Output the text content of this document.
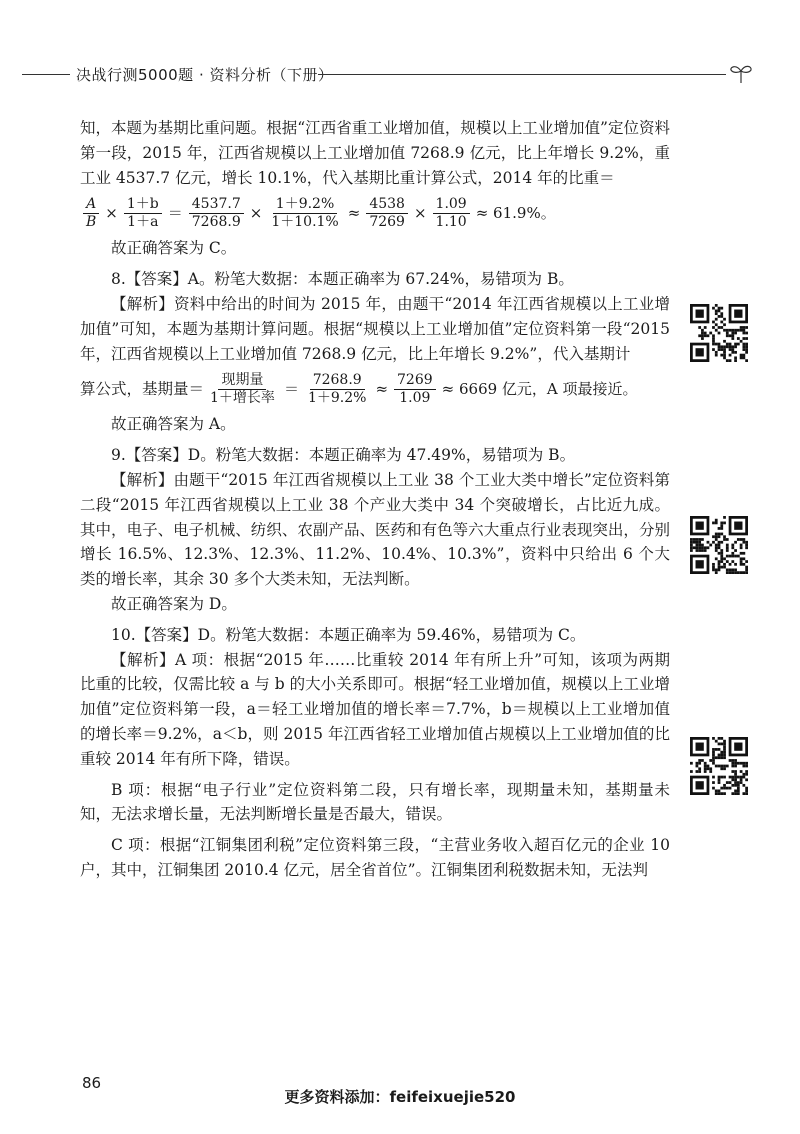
决战行测5000题 · 资料分析（下册）

知，本题为基期比重问题。根据“江西省重工业增加值，规模以上工业增加值”定位资料第一段，2015 年，江西省规模以上工业增加值 7268.9 亿元，比上年增长 9.2%，重工业 4537.7 亿元，增长 10.1%，代入基期比重计算公式，2014 年的比重＝

$\frac{A}{B} \times \frac{1+b}{1+a} = \frac{4537.7}{7268.9} \times \frac{1+9.2\%}{1+10.1\%} \approx \frac{4538}{7269} \times \frac{1.09}{1.10} \approx 61.9\%$。

故正确答案为 C。

8.【答案】A。粉笔大数据：本题正确率为 67.24%，易错项为 B。

【解析】资料中给出的时间为 2015 年，由题干“2014 年江西省规模以上工业增加值”可知，本题为基期计算问题。根据“规模以上工业增加值”定位资料第一段“2015 年，江西省规模以上工业增加值 7268.9 亿元，比上年增长 9.2%”，代入基期计

算公式，基期量＝ $\frac{\text{现期量}}{\text{1＋增长率}} = \frac{7268.9}{1+9.2\%} \approx \frac{7269}{1.09} \approx 6669$ 亿元，A 项最接近。

故正确答案为 A。

9.【答案】D。粉笔大数据：本题正确率为 47.49%，易错项为 B。

【解析】由题干“2015 年江西省规模以上工业 38 个工业大类中增长”定位资料第二段“2015 年江西省规模以上工业 38 个产业大类中 34 个突破增长，占比近九成。其中，电子、电子机械、纺织、农副产品、医药和有色等六大重点行业表现突出，分别增长 16.5%、12.3%、12.3%、11.2%、10.4%、10.3%”，资料中只给出 6 个大类的增长率，其余 30 多个大类未知，无法判断。

故正确答案为 D。

10.【答案】D。粉笔大数据：本题正确率为 59.46%，易错项为 C。

【解析】A 项：根据“2015 年……比重较 2014 年有所上升”可知，该项为两期比重的比较，仅需比较 a 与 b 的大小关系即可。根据“轻工业增加值，规模以上工业增加值”定位资料第一段，a＝轻工业增加值的增长率＝7.7%，b＝规模以上工业增加值的增长率＝9.2%，a＜b，则 2015 年江西省轻工业增加值占规模以上工业增加值的比重较 2014 年有所下降，错误。

B 项：根据“电子行业”定位资料第二段，只有增长率，现期量未知，基期量未知，无法求增长量，无法判断增长量是否最大，错误。

C 项：根据“江铜集团利税”定位资料第三段，“主营业务收入超百亿元的企业 10 户，其中，江铜集团 2010.4 亿元，居全省首位”。江铜集团利税数据未知，无法判

86
更多资料添加：feifeixuejie520
